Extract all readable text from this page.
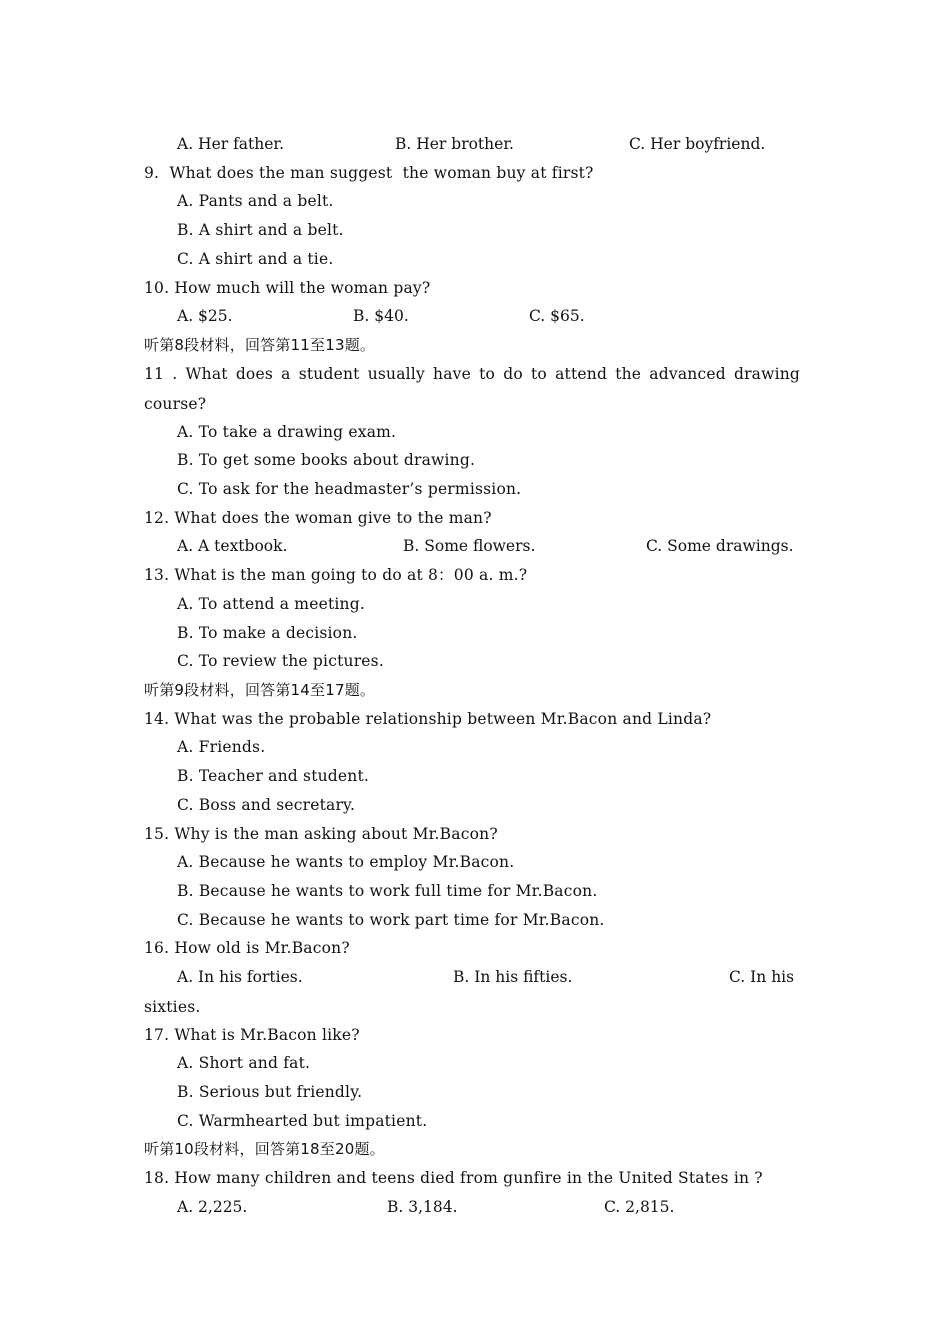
A. Her father.	B. Her brother.	C. Her boyfriend.
9.  What does the man suggest  the woman buy at first?
A. Pants and a belt.
B. A shirt and a belt.
C. A shirt and a tie.
10. How much will the woman pay?
A. $25.	B. $40.	C. $65.
听第8段材料，回答第11至13题。
11 . What does a student usually have to do to attend the advanced drawing
course?
A. To take a drawing exam.
B. To get some books about drawing.
C. To ask for the headmaster’s permission.
12. What does the woman give to the man?
A. A textbook.	B. Some flowers.	C. Some drawings.
13. What is the man going to do at 8：00 a. m.?
A. To attend a meeting.
B. To make a decision.
C. To review the pictures.
听第9段材料，回答第14至17题。
14. What was the probable relationship between Mr.Bacon and Linda?
A. Friends.
B. Teacher and student.
C. Boss and secretary.
15. Why is the man asking about Mr.Bacon?
A. Because he wants to employ Mr.Bacon.
B. Because he wants to work full time for Mr.Bacon.
C. Because he wants to work part time for Mr.Bacon.
16. How old is Mr.Bacon?
A. In his forties.	B. In his fifties.	C. In his
sixties.
17. What is Mr.Bacon like?
A. Short and fat.
B. Serious but friendly.
C. Warmhearted but impatient.
听第10段材料，回答第18至20题。
18. How many children and teens died from gunfire in the United States in ?
A. 2,225.	B. 3,184.	C. 2,815.
